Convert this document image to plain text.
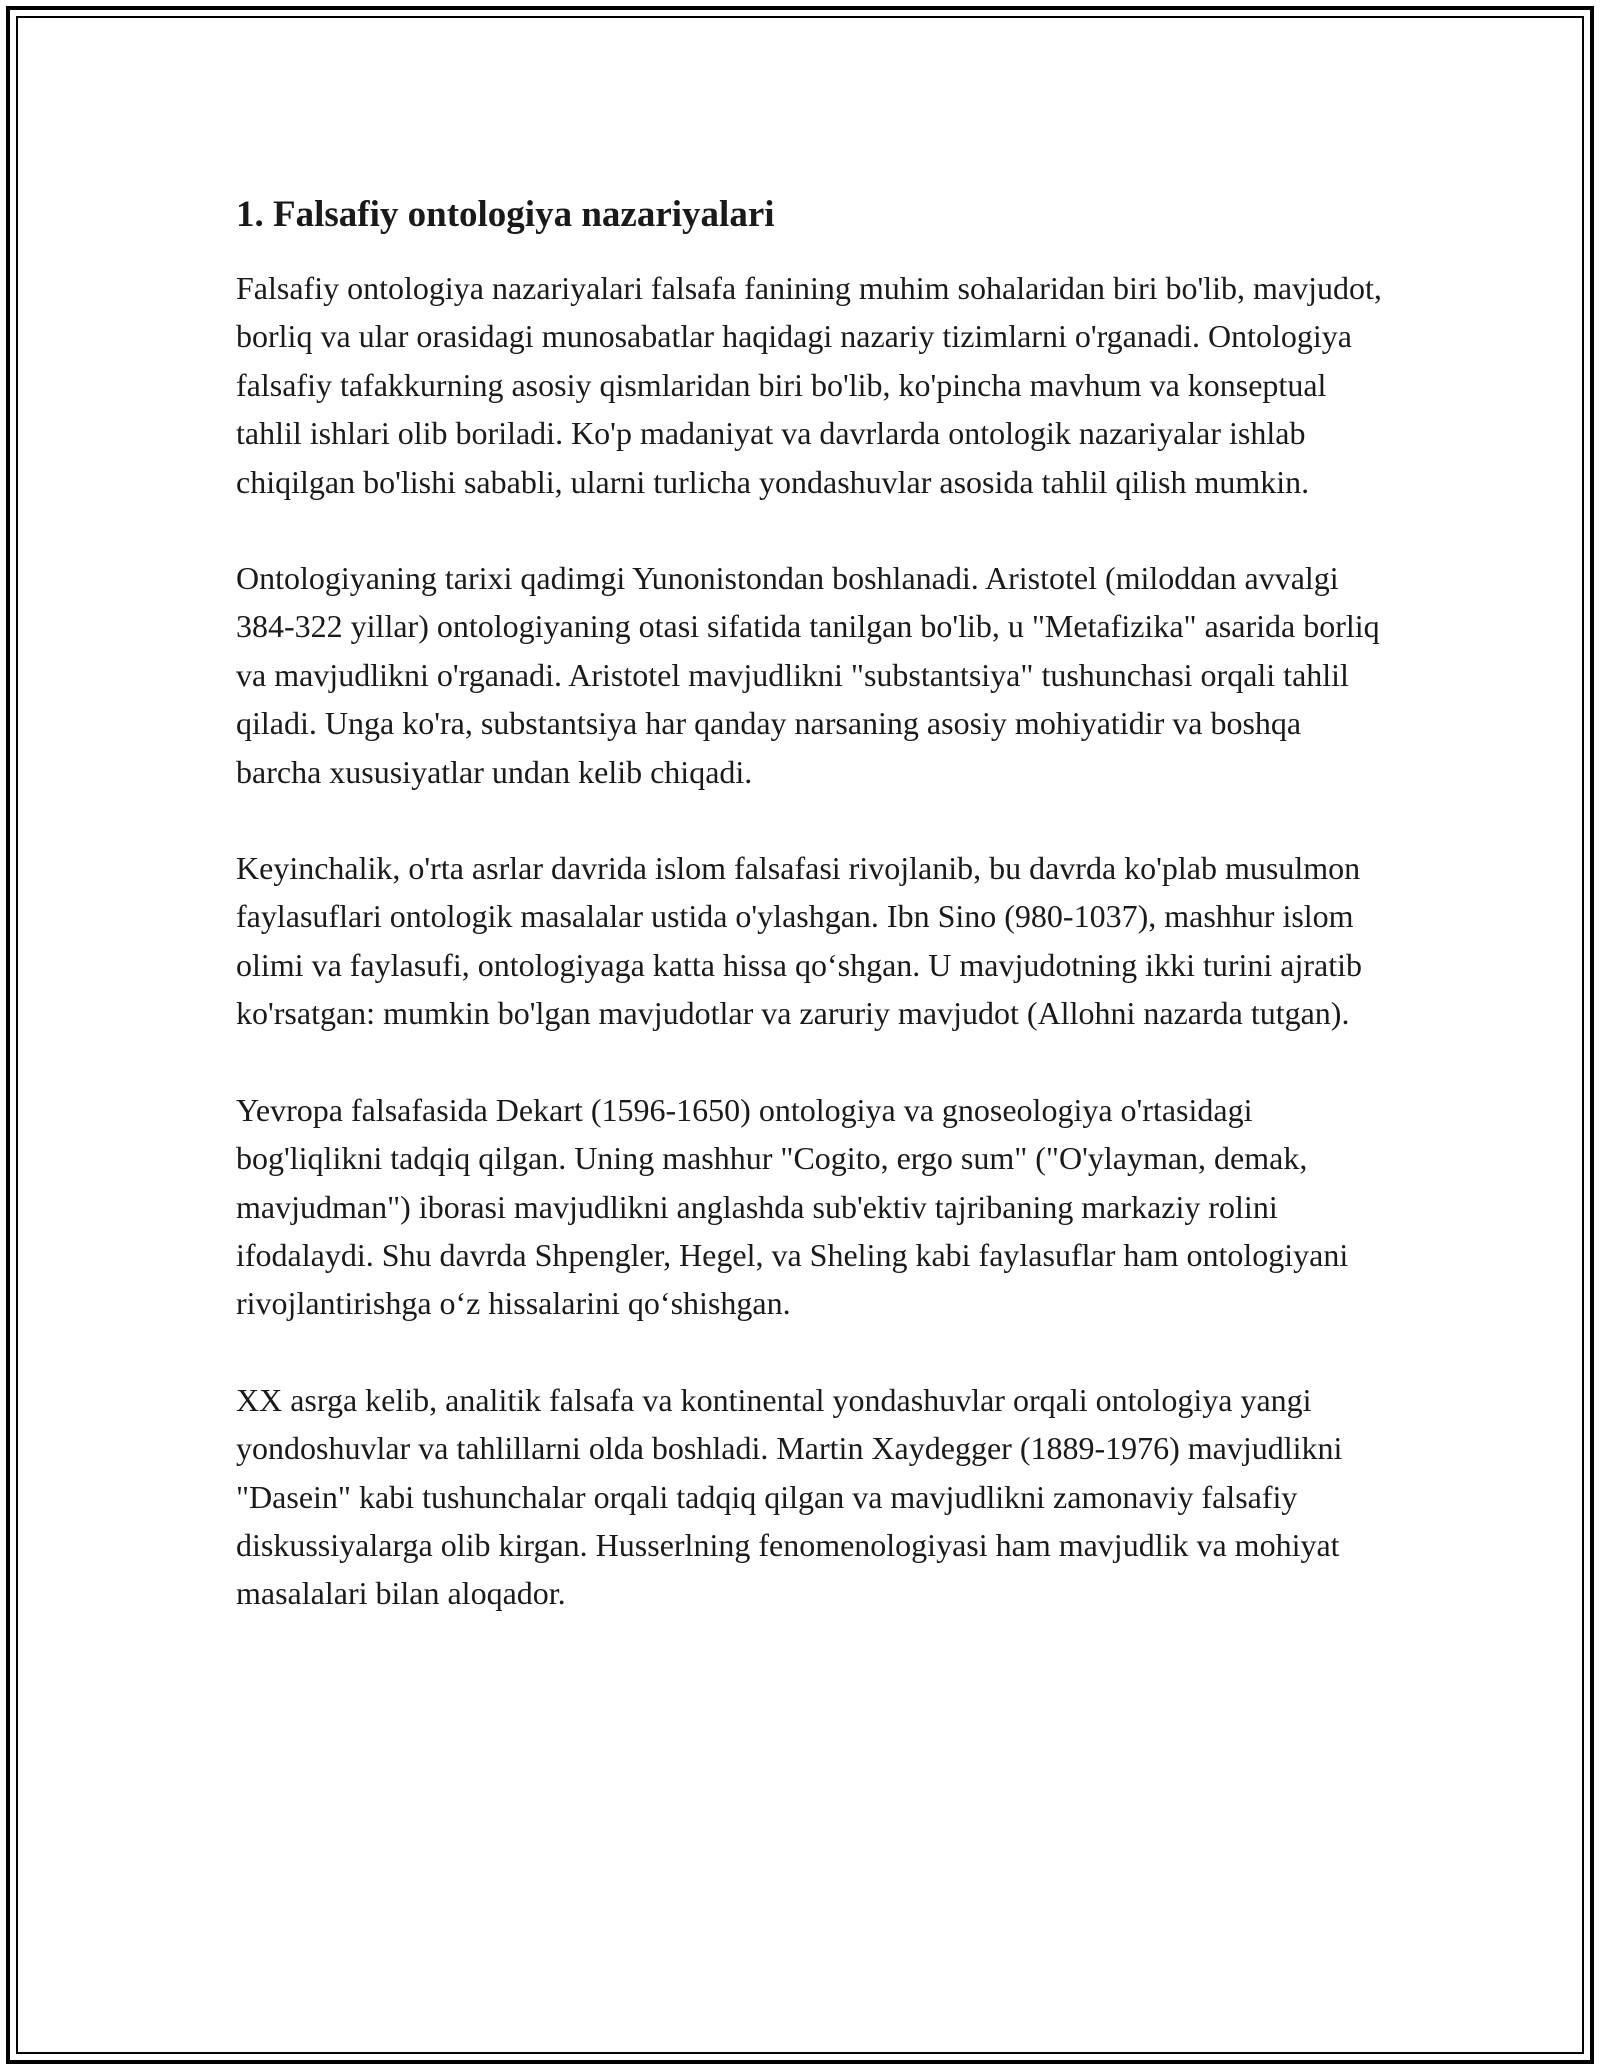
1. Falsafiy ontologiya nazariyalari

Falsafiy ontologiya nazariyalari falsafa fanining muhim sohalaridan biri bo'lib, mavjudot, borliq va ular orasidagi munosabatlar haqidagi nazariy tizimlarni o'rganadi. Ontologiya falsafiy tafakkurning asosiy qismlaridan biri bo'lib, ko'pincha mavhum va konseptual tahlil ishlari olib boriladi. Ko'p madaniyat va davrlarda ontologik nazariyalar ishlab chiqilgan bo'lishi sababli, ularni turlicha yondashuvlar asosida tahlil qilish mumkin.

Ontologiyaning tarixi qadimgi Yunonistondan boshlanadi. Aristotel (miloddan avvalgi 384-322 yillar) ontologiyaning otasi sifatida tanilgan bo'lib, u "Metafizika" asarida borliq va mavjudlikni o'rganadi. Aristotel mavjudlikni "substantsiya" tushunchasi orqali tahlil qiladi. Unga ko'ra, substantsiya har qanday narsaning asosiy mohiyatidir va boshqa barcha xususiyatlar undan kelib chiqadi.

Keyinchalik, o'rta asrlar davrida islom falsafasi rivojlanib, bu davrda ko'plab musulmon faylasuflari ontologik masalalar ustida o'ylashgan. Ibn Sino (980-1037), mashhur islom olimi va faylasufi, ontologiyaga katta hissa qo‘shgan. U mavjudotning ikki turini ajratib ko'rsatgan: mumkin bo'lgan mavjudotlar va zaruriy mavjudot (Allohni nazarda tutgan).

Yevropa falsafasida Dekart (1596-1650) ontologiya va gnoseologiya o'rtasidagi bog'liqlikni tadqiq qilgan. Uning mashhur "Cogito, ergo sum" ("O'ylayman, demak, mavjudman") iborasi mavjudlikni anglashda sub'ektiv tajribaning markaziy rolini ifodalaydi. Shu davrda Shpengler, Hegel, va Sheling kabi faylasuflar ham ontologiyani rivojlantirishga o‘z hissalarini qo‘shishgan.

XX asrga kelib, analitik falsafa va kontinental yondashuvlar orqali ontologiya yangi yondoshuvlar va tahlillarni olda boshladi. Martin Xaydegger (1889-1976) mavjudlikni "Dasein" kabi tushunchalar orqali tadqiq qilgan va mavjudlikni zamonaviy falsafiy diskussiyalarga olib kirgan. Husserlning fenomenologiyasi ham mavjudlik va mohiyat masalalari bilan aloqador.
